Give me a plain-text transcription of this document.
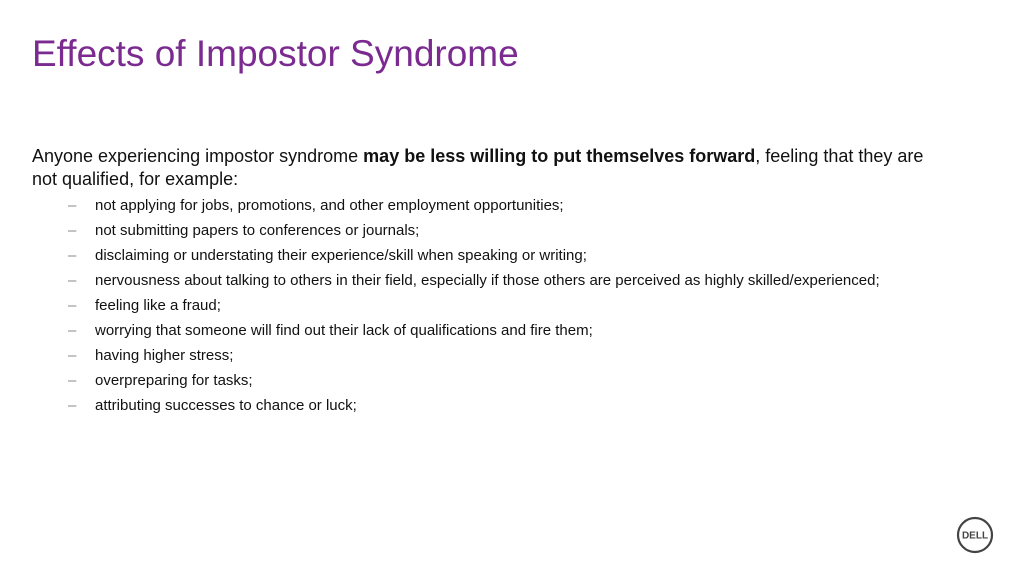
Effects of Impostor Syndrome

Anyone experiencing impostor syndrome may be less willing to put themselves forward, feeling that they are not qualified, for example:

– not applying for jobs, promotions, and other employment opportunities;
– not submitting papers to conferences or journals;
– disclaiming or understating their experience/skill when speaking or writing;
– nervousness about talking to others in their field, especially if those others are perceived as highly skilled/experienced;
– feeling like a fraud;
– worrying that someone will find out their lack of qualifications and fire them;
– having higher stress;
– overpreparing for tasks;
– attributing successes to chance or luck;
DELL
